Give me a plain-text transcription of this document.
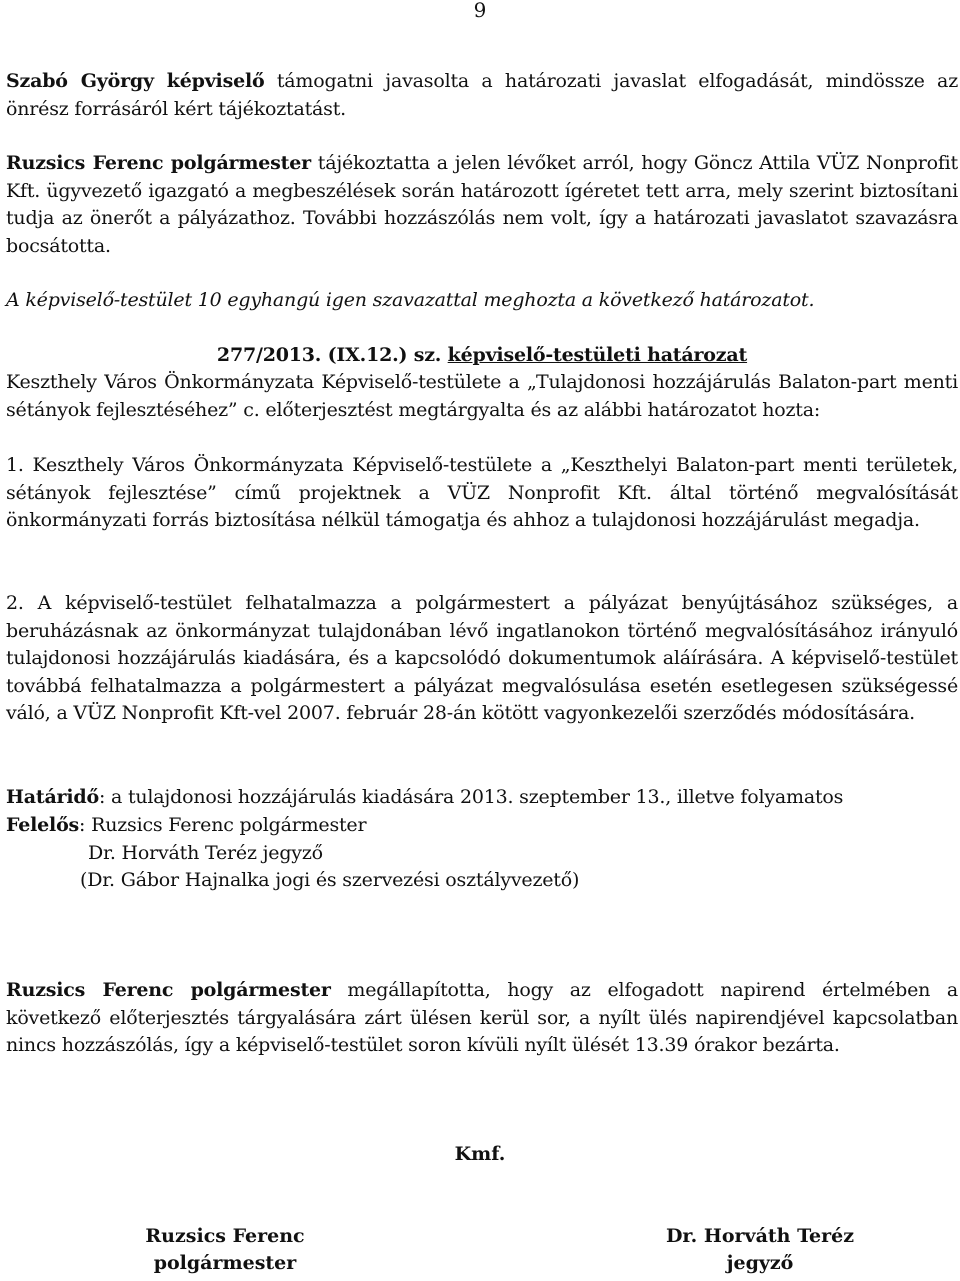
9

Szabó György képviselő támogatni javasolta a határozati javaslat elfogadását, mindössze az önrész forrásáról kért tájékoztatást.

Ruzsics Ferenc polgármester tájékoztatta a jelen lévőket arról, hogy Göncz Attila VÜZ Nonprofit Kft. ügyvezető igazgató a megbeszélések során határozott ígéretet tett arra, mely szerint biztosítani tudja az önerőt a pályázathoz. További hozzászólás nem volt, így a határozati javaslatot szavazásra bocsátotta.

A képviselő-testület 10 egyhangú igen szavazattal meghozta a következő határozatot.

277/2013. (IX.12.) sz. képviselő-testületi határozat

Keszthely Város Önkormányzata Képviselő-testülete a „Tulajdonosi hozzájárulás Balaton-part menti sétányok fejlesztéséhez” c. előterjesztést megtárgyalta és az alábbi határozatot hozta:

1. Keszthely Város Önkormányzata Képviselő-testülete a „Keszthelyi Balaton-part menti területek, sétányok fejlesztése” című projektnek a VÜZ Nonprofit Kft. által történő megvalósítását önkormányzati forrás biztosítása nélkül támogatja és ahhoz a tulajdonosi hozzájárulást megadja.

2. A képviselő-testület felhatalmazza a polgármestert a pályázat benyújtásához szükséges, a beruházásnak az önkormányzat tulajdonában lévő ingatlanokon történő megvalósításához irányuló tulajdonosi hozzájárulás kiadására, és a kapcsolódó dokumentumok aláírására. A képviselő-testület továbbá felhatalmazza a polgármestert a pályázat megvalósulása esetén esetlegesen szükségessé váló, a VÜZ Nonprofit Kft-vel 2007. február 28-án kötött vagyonkezelői szerződés módosítására.

Határidő: a tulajdonosi hozzájárulás kiadására 2013. szeptember 13., illetve folyamatos

Felelős: Ruzsics Ferenc polgármester

Dr. Horváth Teréz jegyző

(Dr. Gábor Hajnalka jogi és szervezési osztályvezető)

Ruzsics Ferenc polgármester megállapította, hogy az elfogadott napirend értelmében a következő előterjesztés tárgyalására zárt ülésen kerül sor, a nyílt ülés napirendjével kapcsolatban nincs hozzászólás, így a képviselő-testület soron kívüli nyílt ülését 13.39 órakor bezárta.

Kmf.
Ruzsics Ferenc
polgármester
Dr. Horváth Teréz
jegyző
